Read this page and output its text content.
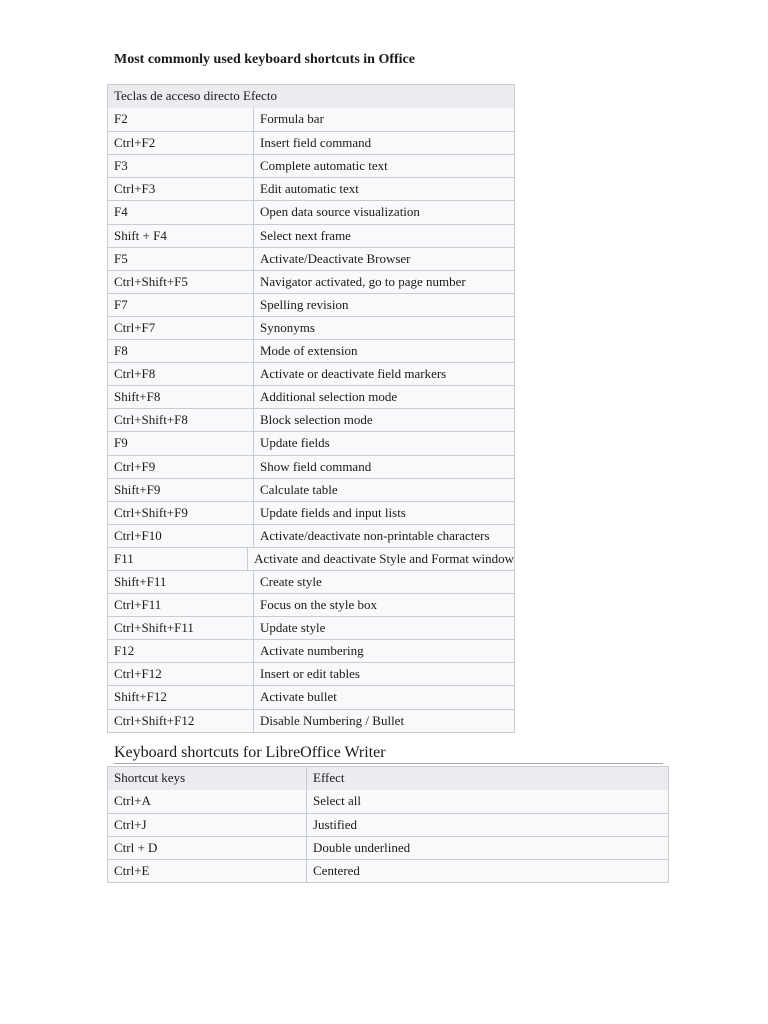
Most commonly used keyboard shortcuts in Office
Teclas de acceso directo Efecto
F2	Formula bar
Ctrl+F2	Insert field command
F3	Complete automatic text
Ctrl+F3	Edit automatic text
F4	Open data source visualization
Shift + F4	Select next frame
F5	Activate/Deactivate Browser
Ctrl+Shift+F5	Navigator activated, go to page number
F7	Spelling revision
Ctrl+F7	Synonyms
F8	Mode of extension
Ctrl+F8	Activate or deactivate field markers
Shift+F8	Additional selection mode
Ctrl+Shift+F8	Block selection mode
F9	Update fields
Ctrl+F9	Show field command
Shift+F9	Calculate table
Ctrl+Shift+F9	Update fields and input lists
Ctrl+F10	Activate/deactivate non-printable characters
F11	Activate and deactivate Style and Format window
Shift+F11	Create style
Ctrl+F11	Focus on the style box
Ctrl+Shift+F11	Update style
F12	Activate numbering
Ctrl+F12	Insert or edit tables
Shift+F12	Activate bullet
Ctrl+Shift+F12	Disable Numbering / Bullet
Keyboard shortcuts for LibreOffice Writer
Shortcut keys	Effect
Ctrl+A	Select all
Ctrl+J	Justified
Ctrl + D	Double underlined
Ctrl+E	Centered
